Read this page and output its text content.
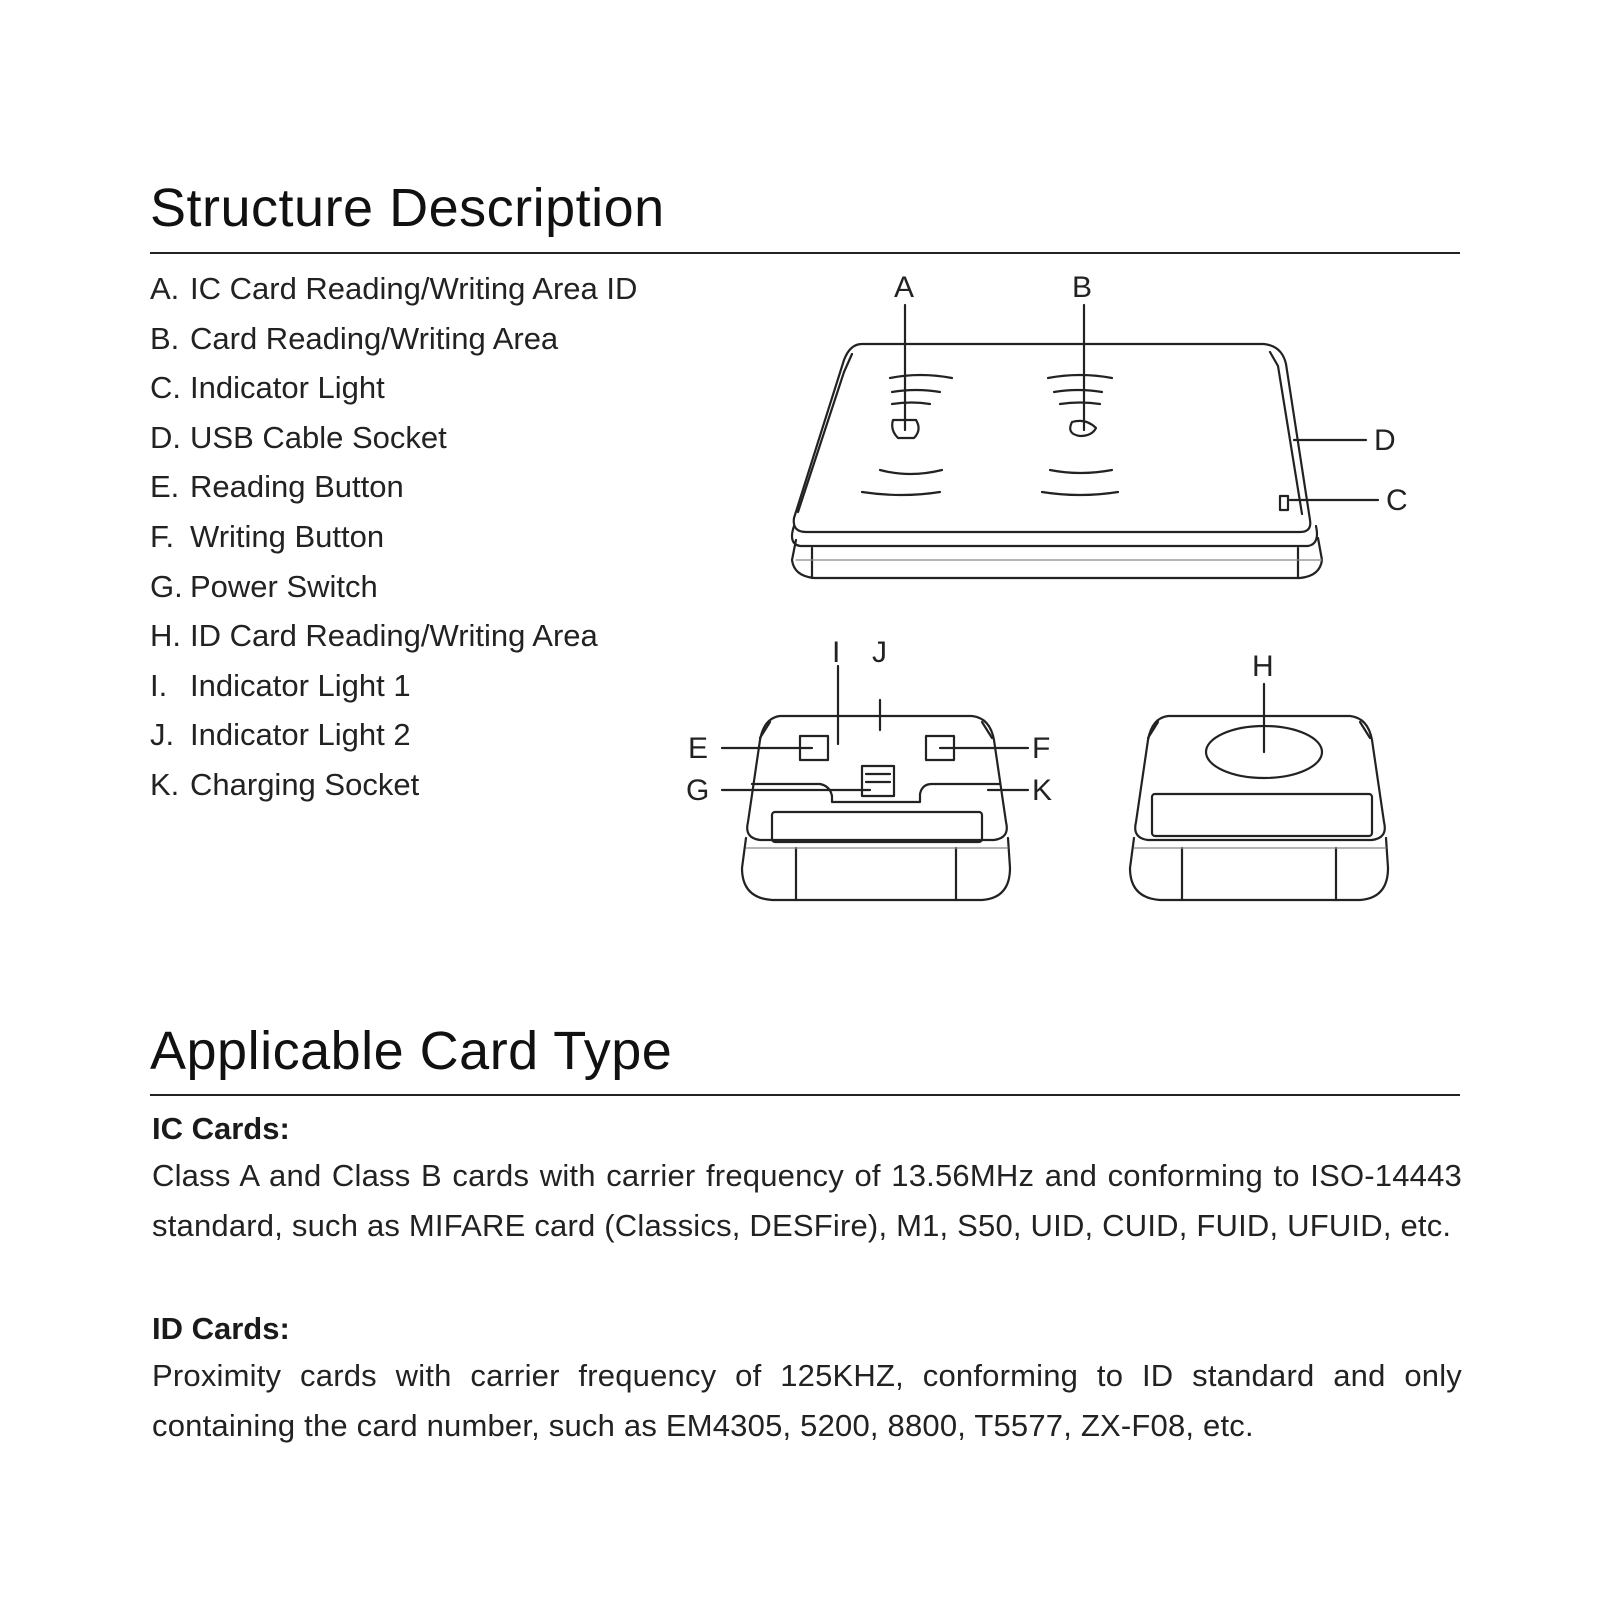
Structure Description
A. IC Card Reading/Writing Area ID
B. Card Reading/Writing Area
C. Indicator Light
D. USB Cable Socket
E. Reading Button
F. Writing Button
G. Power Switch
H. ID Card Reading/Writing Area
I. Indicator Light 1
J. Indicator Light 2
K. Charging Socket
A	B
D
C
I J
E	F
G	K
H
Applicable Card Type

IC Cards:

Class A and Class B cards with carrier frequency of 13.56MHz and conforming to ISO-14443 standard, such as MIFARE card (Classics, DESFire), M1, S50, UID, CUID, FUID, UFUID, etc.

ID Cards:

Proximity cards with carrier frequency of 125KHZ, conforming to ID standard and only containing the card number, such as EM4305, 5200, 8800, T5577, ZX-F08, etc.
